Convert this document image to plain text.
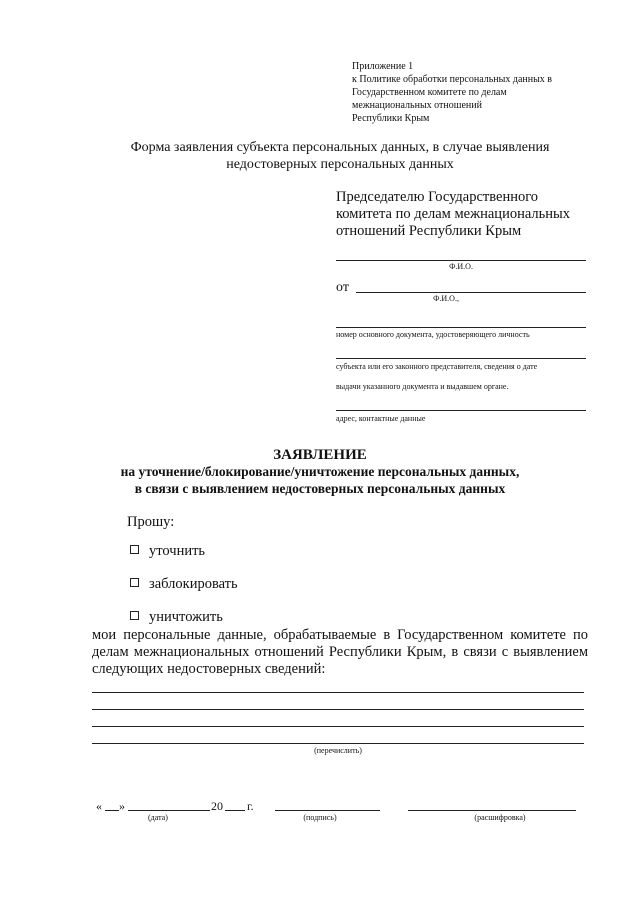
Приложение 1
к Политике обработки персональных данных в
Государственном комитете по делам
межнациональных отношений
Республики Крым
Форма заявления субъекта персональных данных, в случае выявления
недостоверных персональных данных
Председателю Государственного
комитета по делам межнациональных
отношений Республики Крым
Ф.И.О.
от
Ф.И.О.,
номер основного документа, удостоверяющего личность
субъекта или его законного представителя, сведения о дате
выдачи указанного документа и выдавшем органе.
адрес, контактные данные
ЗАЯВЛЕНИЕ
на уточнение/блокирование/уничтожение персональных данных,
в связи с выявлением недостоверных персональных данных
Прошу:
уточнить
заблокировать
уничтожить
мои персональные данные, обрабатываемые в Государственном комитете по
делам межнациональных отношений Республики Крым, в связи с выявлением
следующих недостоверных сведений:
(перечислить)
« »	20 г.
(дата)	(подпись)	(расшифровка)
